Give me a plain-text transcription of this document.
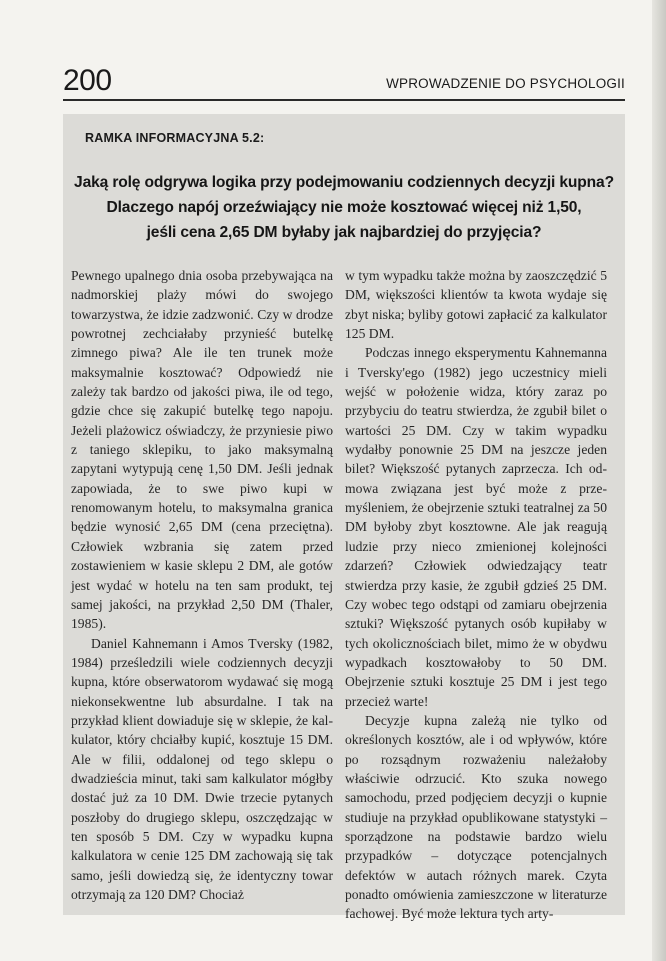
200	WPROWADZENIE DO PSYCHOLOGII
RAMKA INFORMACYJNA 5.2:
Jaką rolę odgrywa logika przy podejmowaniu codziennych decyzji kupna?
Dlaczego napój orzeźwiający nie może kosztować więcej niż 1,50,
jeśli cena 2,65 DM byłaby jak najbardziej do przyjęcia?

Pewnego upalnego dnia osoba przebywająca na nadmorskiej plaży mówi do swojego towarzystwa, że idzie zadzwonić. Czy w drodze powrotnej zechciałaby przynieść butelkę zimnego piwa? Ale ile ten trunek może maksymalnie kosztować? Odpowiedź nie zależy tak bardzo od jakości piwa, ile od tego, gdzie chce się zakupić butelkę tego napoju. Jeżeli plażowicz oświadczy, że przyniesie piwo z taniego sklepiku, to jako maksymalną zapytani wytypują cenę 1,50 DM. Jeśli jednak zapowiada, że to swe piwo kupi w renomowanym hotelu, to maksymalna granica będzie wynosić 2,65 DM (cena przeciętna). Człowiek wzbrania się zatem przed zostawieniem w kasie sklepu 2 DM, ale gotów jest wydać w hotelu na ten sam produkt, tej samej jakości, na przykład 2,50 DM (Thaler, 1985).

Daniel Kahnemann i Amos Tversky (1982, 1984) prześledzili wiele codziennych decyzji kupna, które obserwatorom wydawać się mogą niekonsekwentne lub absurdalne. I tak na przykład klient dowiaduje się w sklepie, że kalkulator, który chciałby kupić, kosztuje 15 DM. Ale w filii, oddalonej od tego sklepu o dwadzieścia minut, taki sam kalkulator mógłby dostać już za 10 DM. Dwie trzecie pytanych poszłoby do drugiego sklepu, oszczędzając w ten sposób 5 DM. Czy w wypadku kupna kalkulatora w cenie 125 DM zachowają się tak samo, jeśli dowiedzą się, że identyczny towar otrzymają za 120 DM? Chociaż

w tym wypadku także można by zaoszczędzić 5 DM, większości klientów ta kwota wydaje się zbyt niska; byliby gotowi zapłacić za kalkulator 125 DM.

Podczas innego eksperymentu Kahnemanna i Tversky'ego (1982) jego uczestnicy mieli wejść w położenie widza, który zaraz po przybyciu do teatru stwierdza, że zgubił bilet o wartości 25 DM. Czy w takim wypadku wydałby ponownie 25 DM na jeszcze jeden bilet? Większość pytanych zaprzecza. Ich odmowa związana jest być może z przemyśleniem, że obejrzenie sztuki teatralnej za 50 DM byłoby zbyt kosztowne. Ale jak reagują ludzie przy nieco zmienionej kolejności zdarzeń? Człowiek odwiedzający teatr stwierdza przy kasie, że zgubił gdzieś 25 DM. Czy wobec tego odstąpi od zamiaru obejrzenia sztuki? Większość pytanych osób kupiłaby w tych okolicznościach bilet, mimo że w obydwu wypadkach kosztowałoby to 50 DM. Obejrzenie sztuki kosztuje 25 DM i jest tego przecież warte!

Decyzje kupna zależą nie tylko od określonych kosztów, ale i od wpływów, które po rozsądnym rozważeniu należałoby właściwie odrzucić. Kto szuka nowego samochodu, przed podjęciem decyzji o kupnie studiuje na przykład opublikowane statystyki – sporządzone na podstawie bardzo wielu przypadków – dotyczące potencjalnych defektów w autach różnych marek. Czyta ponadto omówienia zamieszczone w literaturze fachowej. Być może lektura tych arty-
